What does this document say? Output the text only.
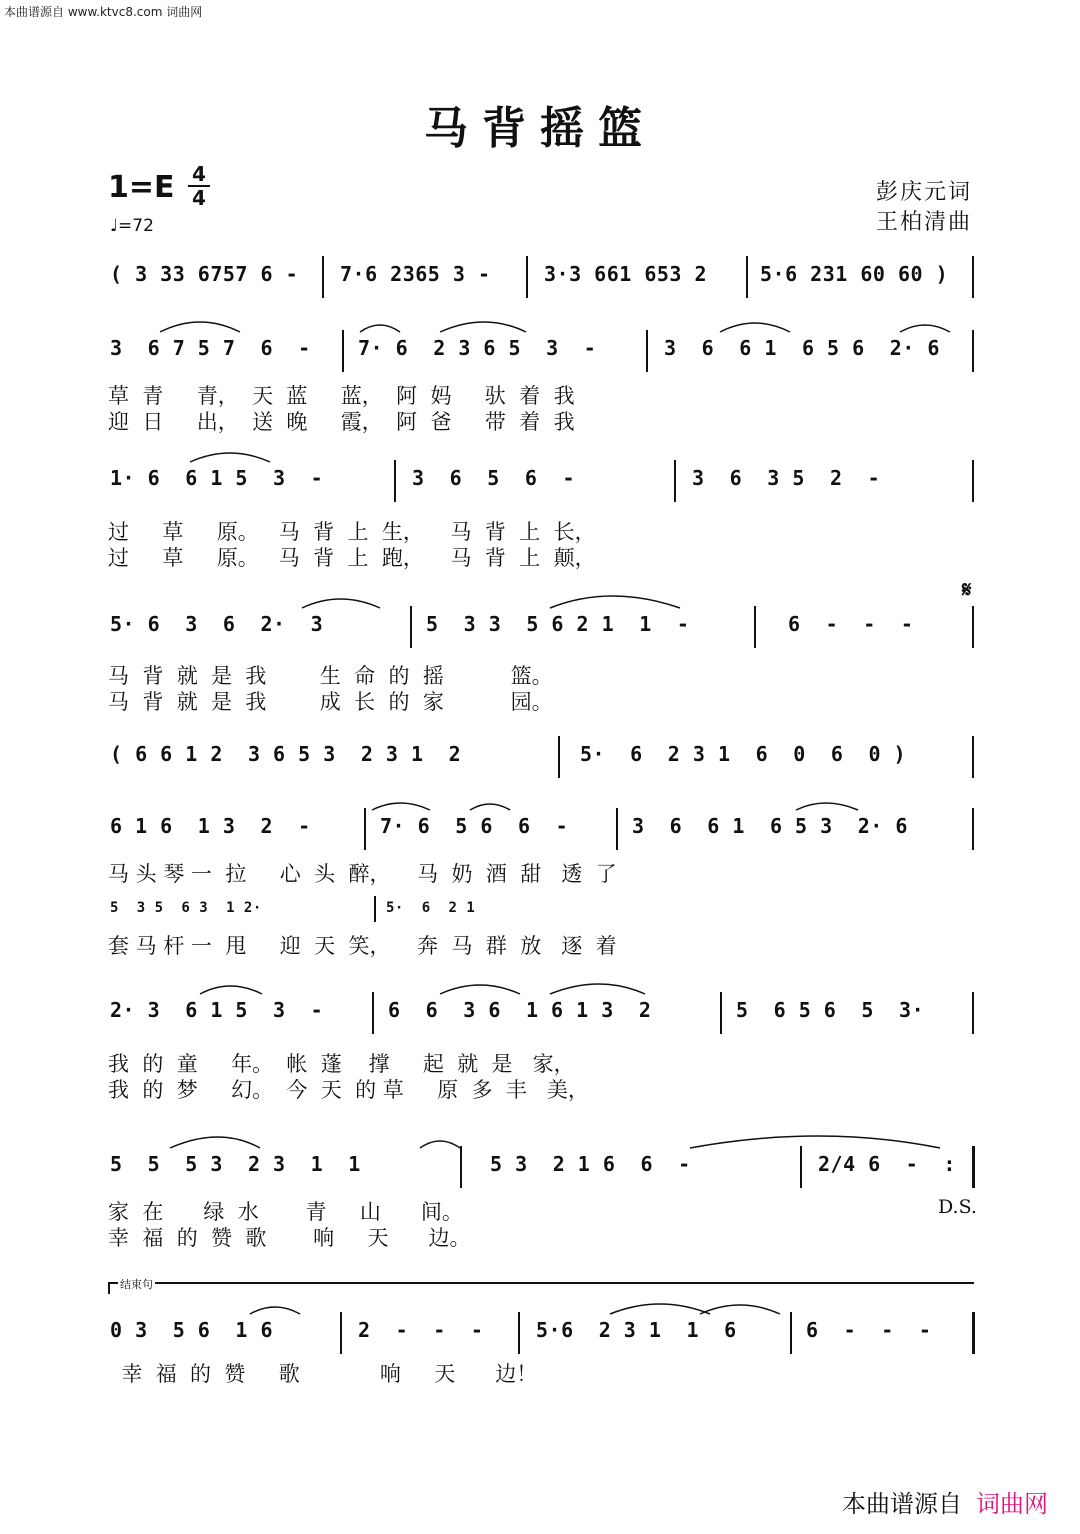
本曲谱源自 www.ktvc8.com 词曲网
马背摇篮
1=E 4
4
♩=72
彭庆元词
王柏清曲

( 3 33 6757 6 -

7·6 2365 3 -

	3·3 661 653 2

	5·6 231 60 60 )

3  6 7 5 7  6  -

7· 6  2 3 6 5  3  -

	3  6  6 1  6 5 6  2· 6

草  青     青，  天  蓝     蓝，  阿  妈     驮  着  我
迎  日     出，  送  晚     霞，  阿  爸     带  着  我

1· 6  6 1 5  3  -

	3  6  5  6  -

	3  6  3 5  2  -

过     草     原。   马  背  上  生，    马  背  上  长，
过     草     原。   马  背  上  跑，    马  背  上  颠，
𝄋

5· 6  3  6  2·  3

	5  3 3  5 6 2 1  1  -

	6  -  -  -

马  背  就  是  我        生  命  的  摇          篮。
马  背  就  是  我        成  长  的  家          园。

( 6 6 1 2  3 6 5 3  2 3 1  2

	5·  6  2 3 1  6  0  6  0 )

6 1 6  1 3  2  -

	7· 6  5 6  6  -

	3  6  6 1  6 5 3  2· 6

马 头 琴 一  拉     心  头  醉，    马  奶  酒  甜   透  了

5  3 5  6 3  1 2·

	5·  6  2 1

套 马 杆 一  甩     迎  天  笑，    奔  马  群  放   逐  着

2· 3  6 1 5  3  -

	6  6  3 6  1 6 1 3  2

	5  6 5 6  5  3·

我  的  童     年。  帐  蓬    撑     起  就  是   家，
我  的  梦     幻。  今  天  的 草     原  多  丰   美，

5  5  5 3  2 3  1  1

	5 3  2 1 6  6  -

	2/4 6  -  :

家  在      绿  水       青     山      间。
幸  福  的  赞  歌       响     天      边。
D.S.
结束句

0 3  5 6  1 6

	2  -  -  -

	5·6  2 3 1  1  6

	6  -  -  -

幸  福  的  赞     歌            响     天      边！
本曲谱源自 词曲网
